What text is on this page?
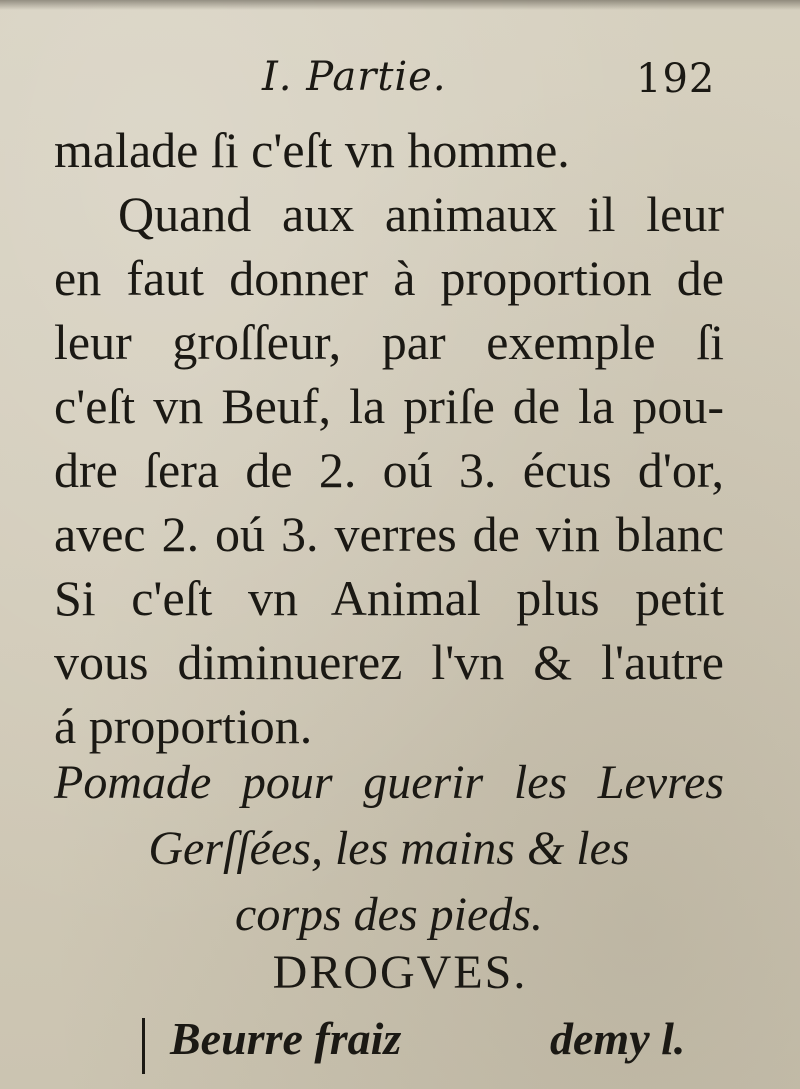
I. Partie.	192
malade ſi c'eſt vn homme.
Quand aux animaux il leur
en faut donner à proportion de
leur groſſeur, par exemple ſi
c'eſt vn Beuf, la priſe de la pou-
dre ſera de 2. oú 3. écus d'or,
avec 2. oú 3. verres de vin blanc
Si c'eſt vn Animal plus petit
vous diminuerez l'vn & l'autre
á proportion.
Pomade pour guerir les Levres
Gerſſées, les mains & les
corps des pieds.
DROGVES.
Beurre fraiz	demy l.
